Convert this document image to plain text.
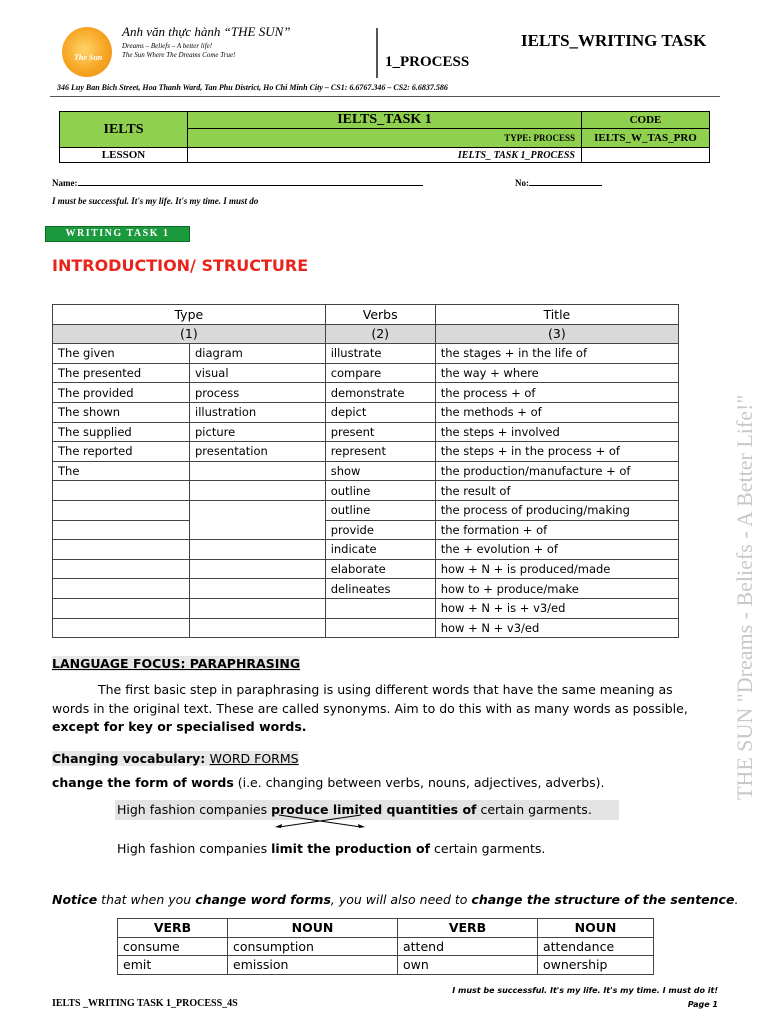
The Sun
Anh văn thực hành “THE SUN”
Dreams – Beliefs – A better life!
The Sun Where The Dreams Come True!
IELTS_WRITING TASK
1_PROCESS
346 Luy Ban Bich Street, Hoa Thanh Ward, Tan Phu District, Ho Chi Minh City – CS1: 6.6767.346 – CS2: 6.6837.586
IELTS	IELTS_TASK 1	CODE
	TYPE: PROCESS	IELTS_W_TAS_PRO
LESSON	IELTS_ TASK 1_PROCESS	
Name:	No:
I must be successful. It's my life. It's my time. I must do
WRITING TASK 1
INTRODUCTION/ STRUCTURE
Type		Verbs	Title
(1)		(2)	(3)
The given	diagram	illustrate	the stages + in the life of
The presented	visual	compare	the way + where
The provided	process	demonstrate	the process + of
The shown	illustration	depict	the methods + of
The supplied	picture	present	the steps + involved
The reported	presentation	represent	the steps + in the process + of
The		show	the production/manufacture + of
		outline	the result of
		outline	the process of producing/making
		provide	the formation + of
		indicate	the + evolution + of
		elaborate	how + N + is produced/made
		delineates	how to + produce/make
			how + N + is + v3/ed
			how + N + v3/ed
LANGUAGE FOCUS: PARAPHRASING
The first basic step in paraphrasing is using different words that have the same meaning as words in the original text. These are called synonyms. Aim to do this with as many words as possible, except for key or specialised words.
Changing vocabulary: WORD FORMS
change the form of words (i.e. changing between verbs, nouns, adjectives, adverbs).
High fashion companies produce limited quantities of certain garments.
High fashion companies limit the production of certain garments.
Notice that when you change word forms, you will also need to change the structure of the sentence.
VERB	NOUN	VERB	NOUN
consume	consumption	attend	attendance
emit	emission	own	ownership
I must be successful. It's my life. It's my time. I must do it!
Page 1
IELTS _WRITING TASK 1_PROCESS_4S
THE SUN "Dreams - Beliefs - A Better Life!"
